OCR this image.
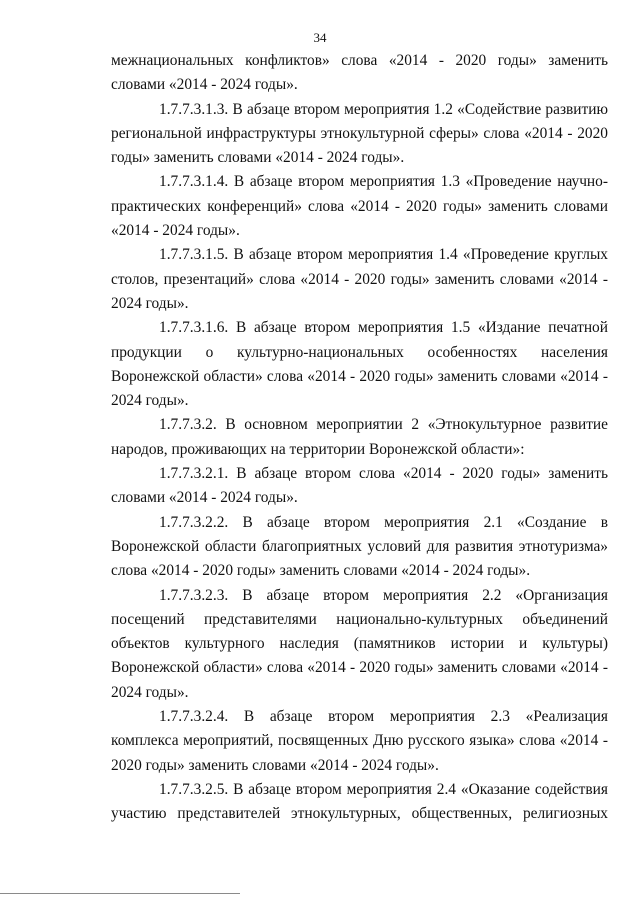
34

межнациональных конфликтов» слова «2014 - 2020 годы» заменить словами «2014 - 2024 годы».

1.7.7.3.1.3. В абзаце втором мероприятия 1.2 «Содействие развитию региональной инфраструктуры этнокультурной сферы» слова «2014 - 2020 годы» заменить словами «2014 - 2024 годы».

1.7.7.3.1.4. В абзаце втором мероприятия 1.3 «Проведение научно-практических конференций» слова «2014 - 2020 годы» заменить словами «2014 - 2024 годы».

1.7.7.3.1.5. В абзаце втором мероприятия 1.4 «Проведение круглых столов, презентаций» слова «2014 - 2020 годы» заменить словами «2014 - 2024 годы».

1.7.7.3.1.6. В абзаце втором мероприятия 1.5 «Издание печатной продукции о культурно-национальных особенностях населения Воронежской области» слова «2014 - 2020 годы» заменить словами «2014 - 2024 годы».

1.7.7.3.2. В основном мероприятии 2 «Этнокультурное развитие народов, проживающих на территории Воронежской области»:

1.7.7.3.2.1. В абзаце втором слова «2014 - 2020 годы» заменить словами «2014 - 2024 годы».

1.7.7.3.2.2. В абзаце втором мероприятия 2.1 «Создание в Воронежской области благоприятных условий для развития этнотуризма» слова «2014 - 2020 годы» заменить словами «2014 - 2024 годы».

1.7.7.3.2.3. В абзаце втором мероприятия 2.2 «Организация посещений представителями национально-культурных объединений объектов культурного наследия (памятников истории и культуры) Воронежской области» слова «2014 - 2020 годы» заменить словами «2014 - 2024 годы».

1.7.7.3.2.4. В абзаце втором мероприятия 2.3 «Реализация комплекса мероприятий, посвященных Дню русского языка» слова «2014 - 2020 годы» заменить словами «2014 - 2024 годы».

1.7.7.3.2.5. В абзаце втором мероприятия 2.4 «Оказание содействия участию представителей этнокультурных, общественных, религиозных
